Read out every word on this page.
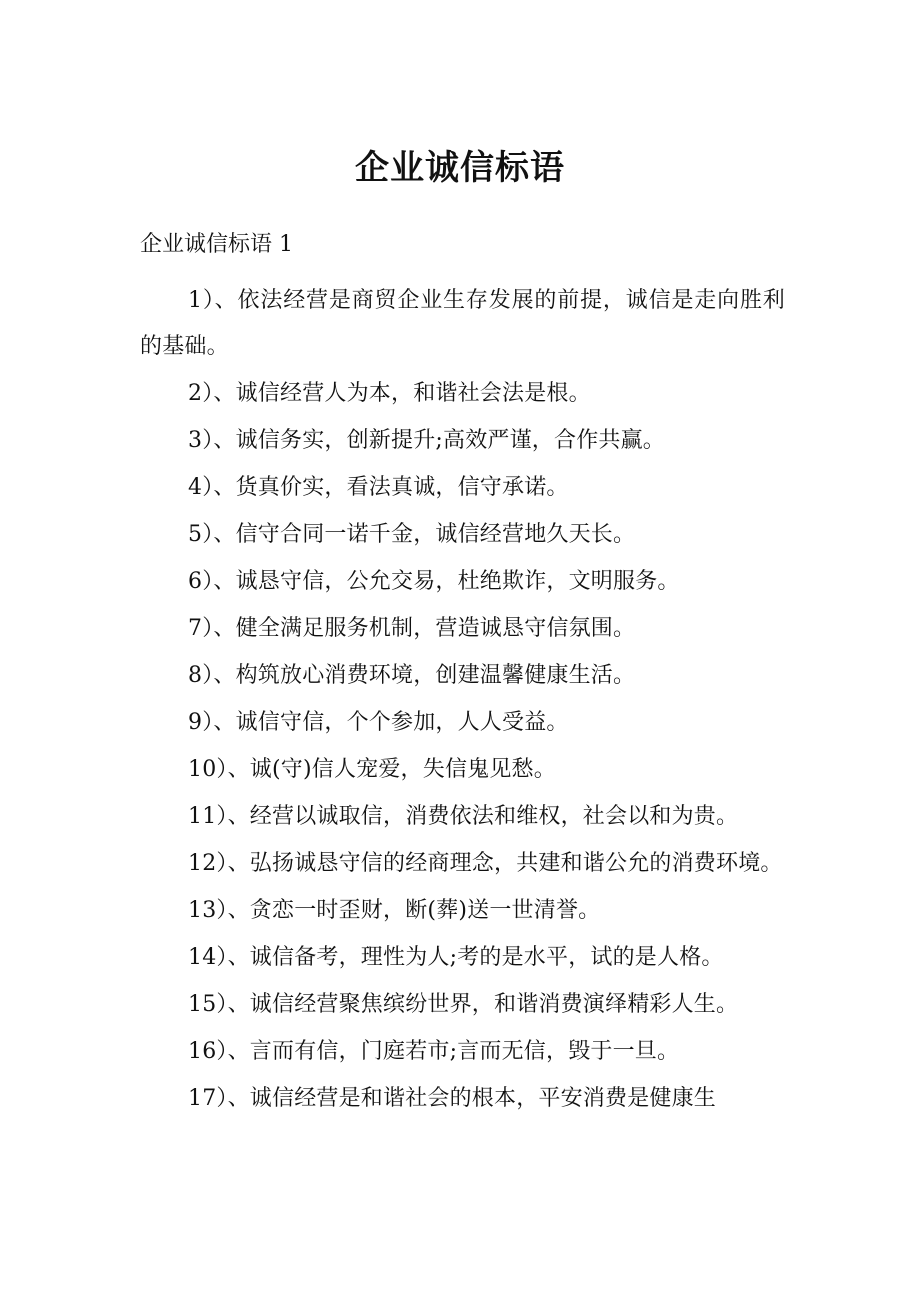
企业诚信标语
企业诚信标语 1

1）、依法经营是商贸企业生存发展的前提，诚信是走向胜利的基础。

2）、诚信经营人为本，和谐社会法是根。

3）、诚信务实，创新提升;高效严谨，合作共赢。

4）、货真价实，看法真诚，信守承诺。

5）、信守合同一诺千金，诚信经营地久天长。

6）、诚恳守信，公允交易，杜绝欺诈，文明服务。

7）、健全满足服务机制，营造诚恳守信氛围。

8）、构筑放心消费环境，创建温馨健康生活。

9）、诚信守信，个个参加，人人受益。

10）、诚(守)信人宠爱，失信鬼见愁。

11）、经营以诚取信，消费依法和维权，社会以和为贵。

12）、弘扬诚恳守信的经商理念，共建和谐公允的消费环境。

13）、贪恋一时歪财，断(葬)送一世清誉。

14）、诚信备考，理性为人;考的是水平，试的是人格。

15）、诚信经营聚焦缤纷世界，和谐消费演绎精彩人生。

16）、言而有信，门庭若市;言而无信，毁于一旦。

17）、诚信经营是和谐社会的根本，平安消费是健康生
